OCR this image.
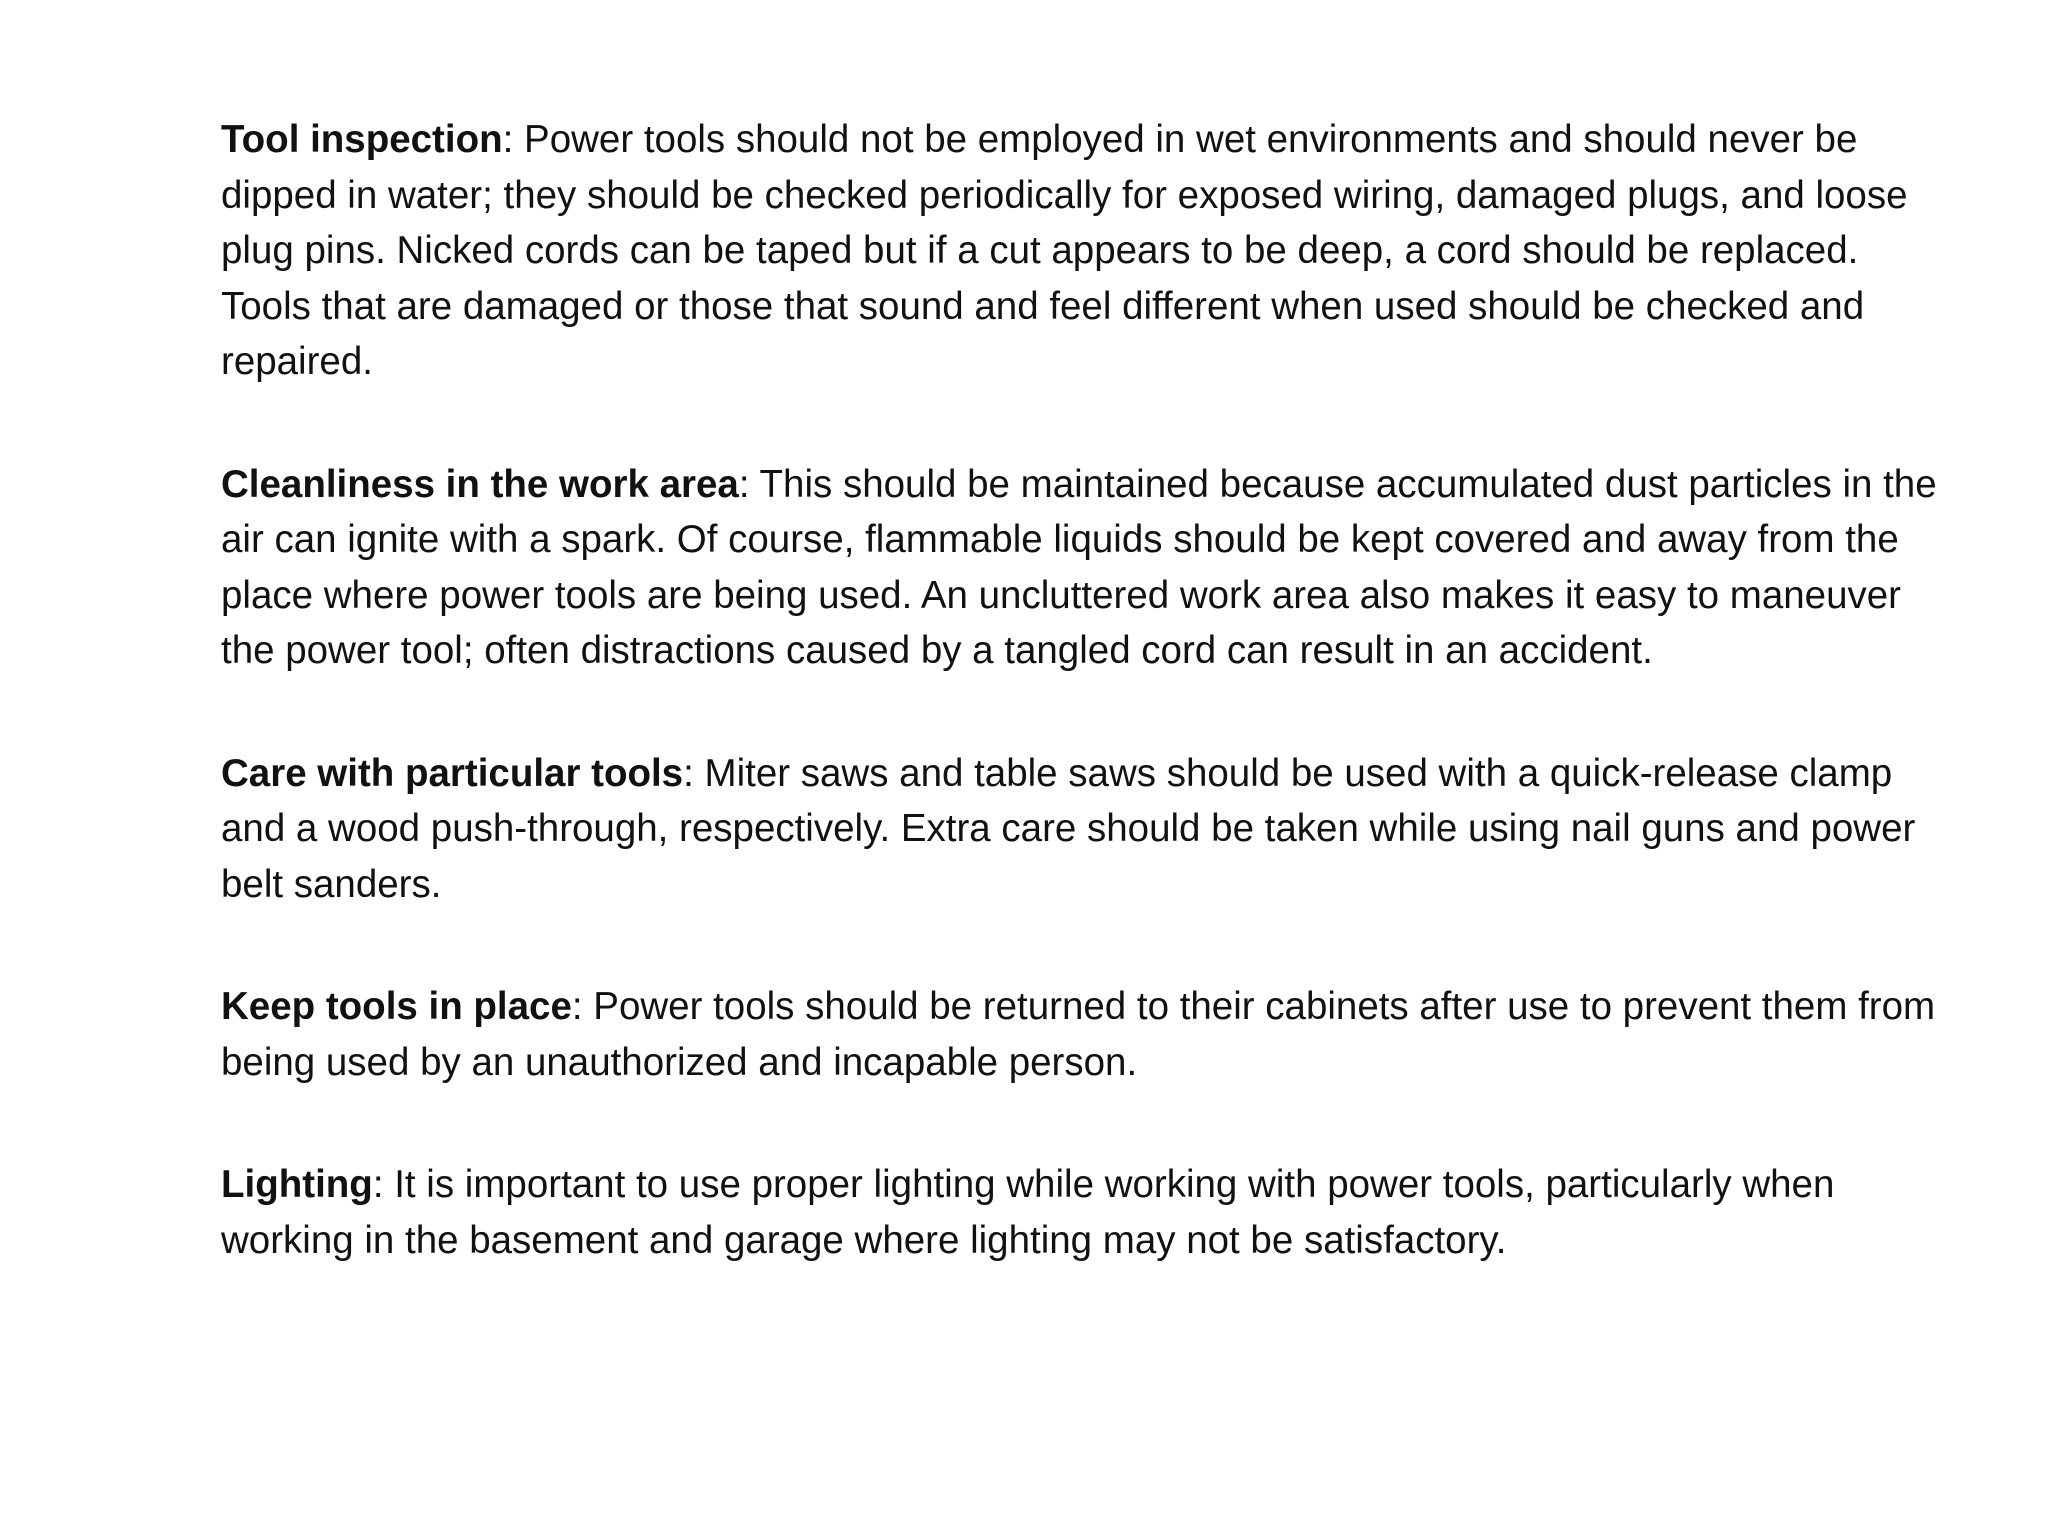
Tool inspection: Power tools should not be employed in wet environments and should never be dipped in water; they should be checked periodically for exposed wiring, damaged plugs, and loose plug pins. Nicked cords can be taped but if a cut appears to be deep, a cord should be replaced. Tools that are damaged or those that sound and feel different when used should be checked and repaired.

Cleanliness in the work area: This should be maintained because accumulated dust particles in the air can ignite with a spark. Of course, flammable liquids should be kept covered and away from the place where power tools are being used. An uncluttered work area also makes it easy to maneuver the power tool; often distractions caused by a tangled cord can result in an accident.

Care with particular tools: Miter saws and table saws should be used with a quick-release clamp and a wood push-through, respectively. Extra care should be taken while using nail guns and power belt sanders.

Keep tools in place: Power tools should be returned to their cabinets after use to prevent them from being used by an unauthorized and incapable person.

Lighting: It is important to use proper lighting while working with power tools, particularly when working in the basement and garage where lighting may not be satisfactory.
